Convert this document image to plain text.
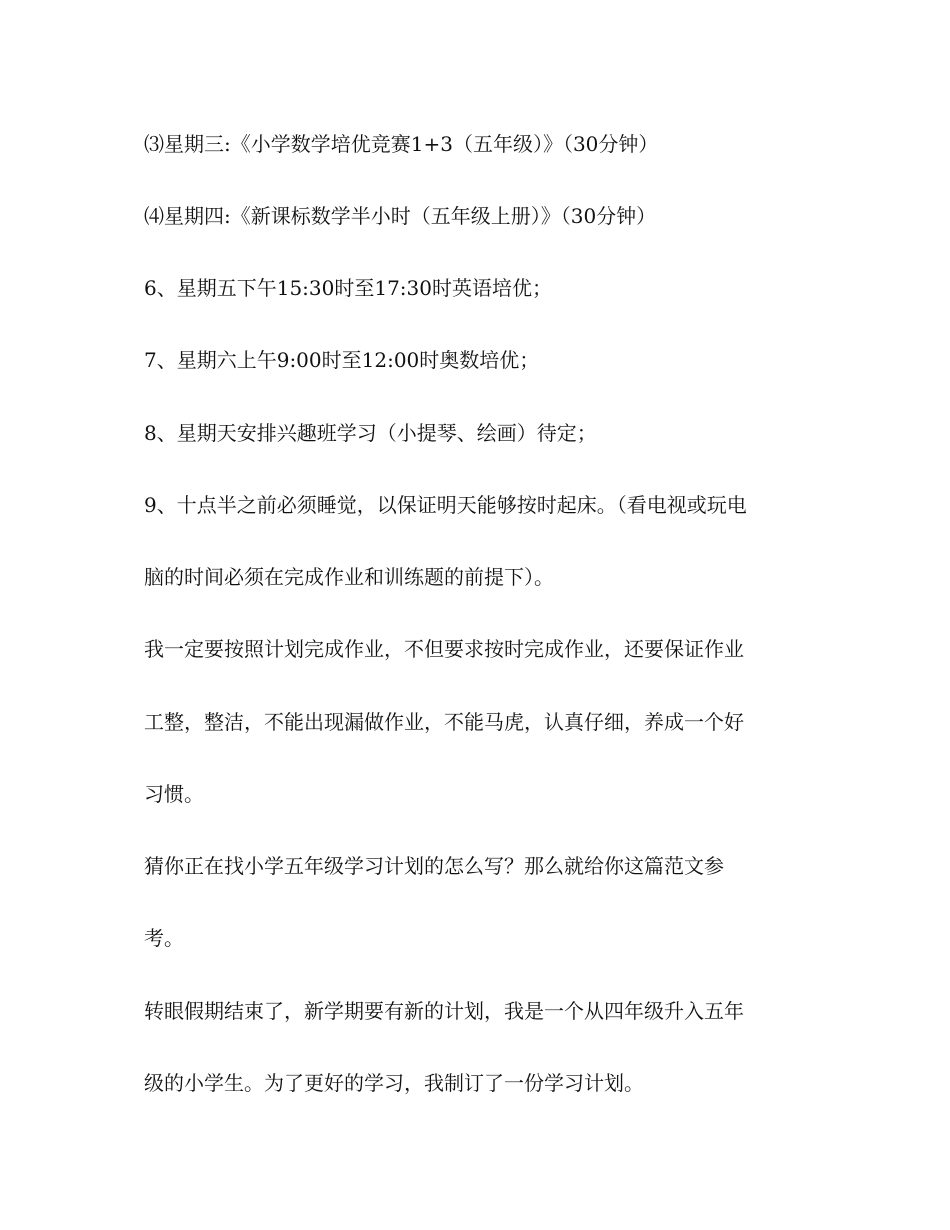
⑶星期三:《小学数学培优竞赛1+3（五年级）》（30分钟）
⑷星期四:《新课标数学半小时（五年级上册）》（30分钟）
6、星期五下午15:30时至17:30时英语培优；
7、星期六上午9:00时至12:00时奥数培优；
8、星期天安排兴趣班学习（小提琴、绘画）待定；
9、十点半之前必须睡觉，以保证明天能够按时起床。（看电视或玩电
脑的时间必须在完成作业和训练题的前提下）。
我一定要按照计划完成作业，不但要求按时完成作业，还要保证作业
工整，整洁，不能出现漏做作业，不能马虎，认真仔细，养成一个好
习惯。
猜你正在找小学五年级学习计划的怎么写？那么就给你这篇范文参
考。
转眼假期结束了，新学期要有新的计划，我是一个从四年级升入五年
级的小学生。为了更好的学习，我制订了一份学习计划。
